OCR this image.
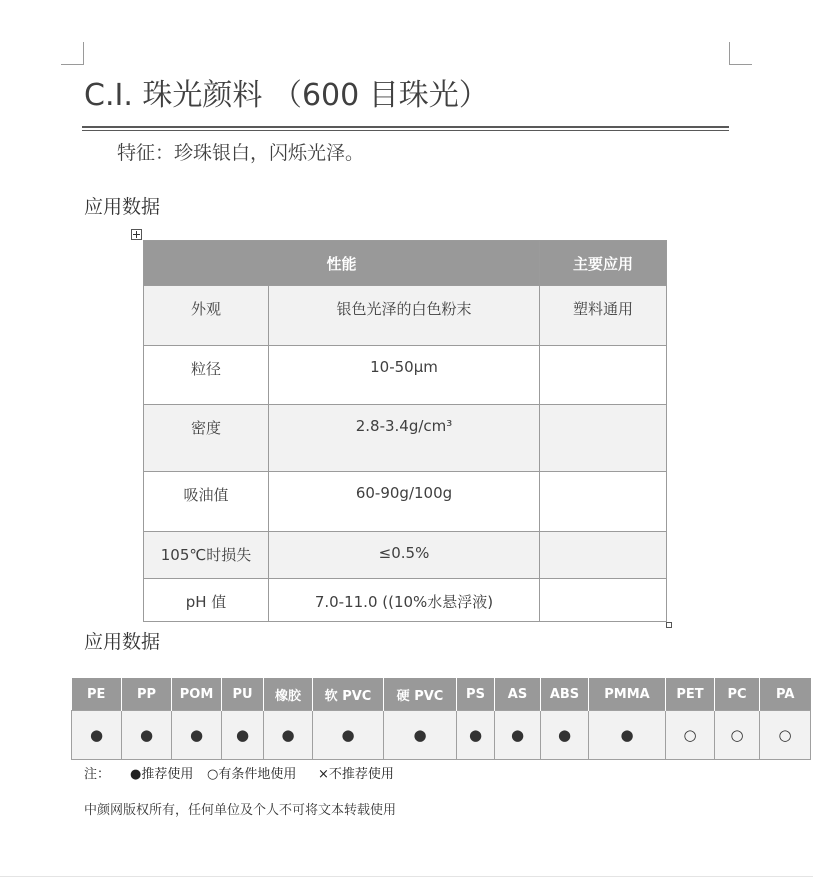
C.I. 珠光颜料 （600 目珠光）
特征：珍珠银白，闪烁光泽。
应用数据
性能		主要应用
外观	银色光泽的白色粉末	塑料通用
粒径	10-50μm	
密度	2.8-3.4g/cm³	
吸油值	60-90g/100g	
105℃时损失	≤0.5%	
pH 值	7.0-11.0 ((10%水悬浮液)	
应用数据
PE	PP	POM	PU	橡胶	软 PVC	硬 PVC	PS	AS	ABS	PMMA	PET	PC	PA
●	●	●	●	●	●	●	●	●	●	●	○	○	○
注： ●推荐使用 ○有条件地使用 ×不推荐使用
中颜网版权所有，任何单位及个人不可将文本转载使用
